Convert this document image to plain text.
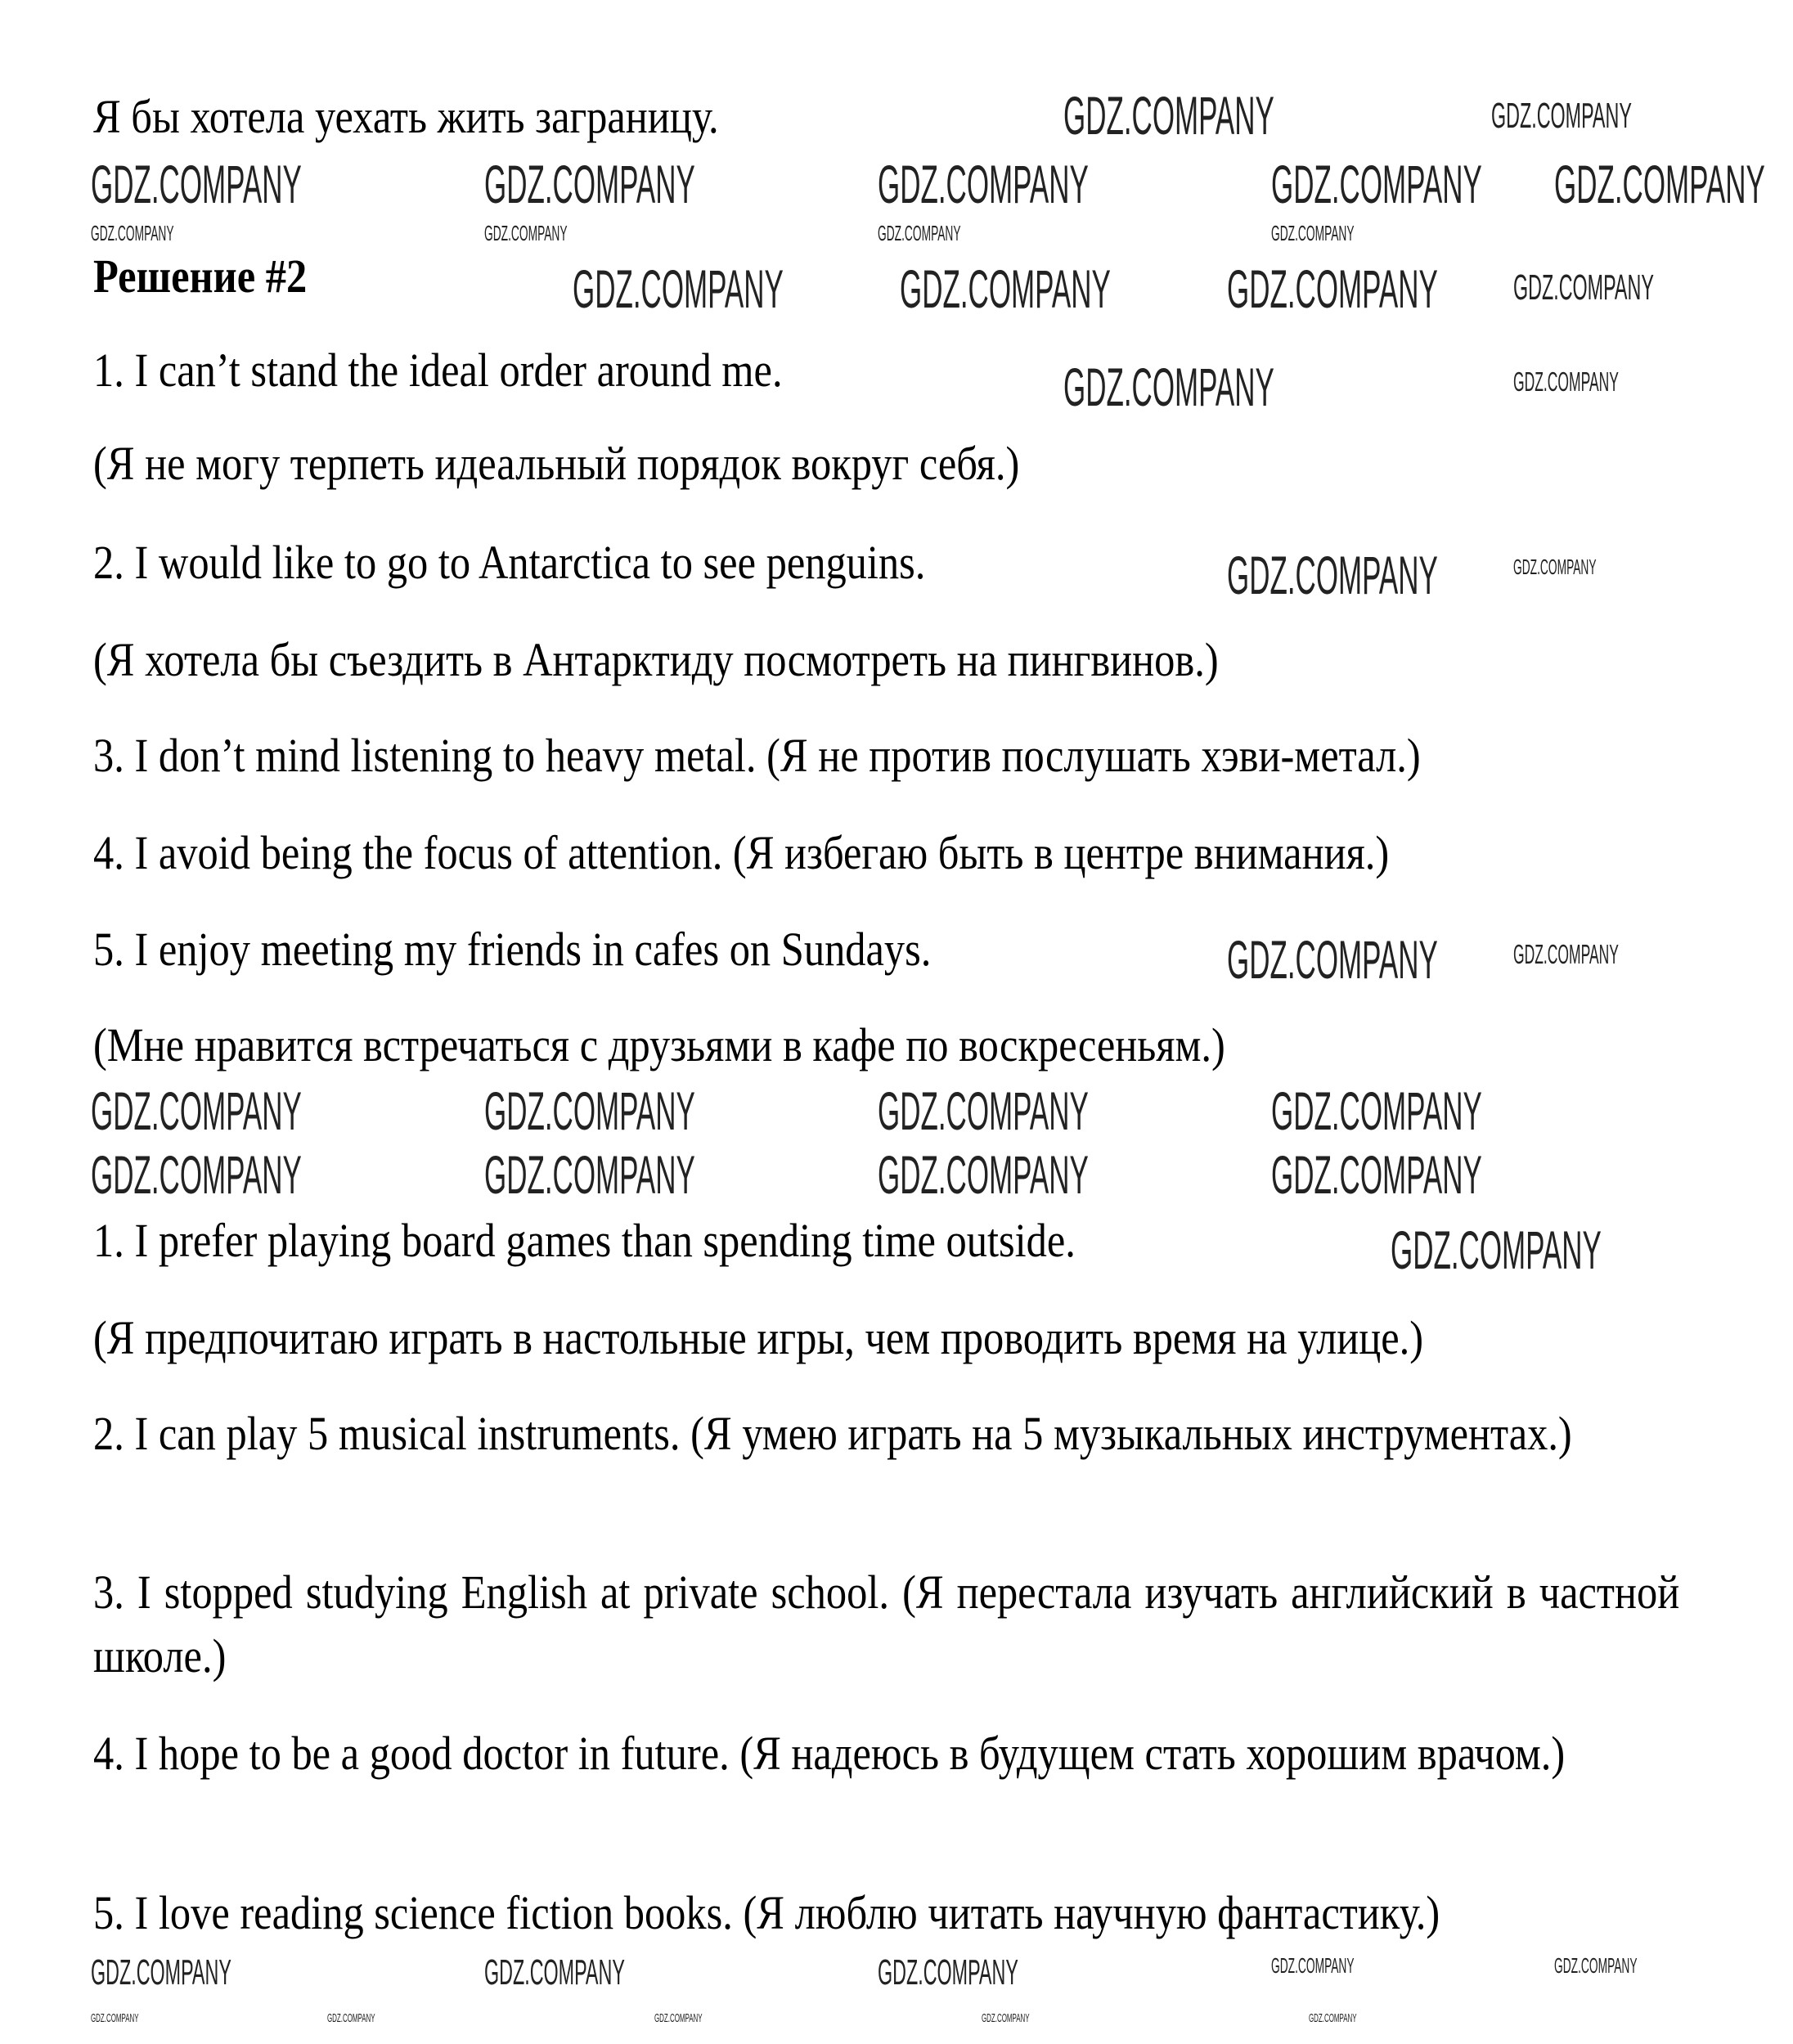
Я бы хотела уехать жить заграницу.
Решение #2
1. I can’t stand the ideal order around me.
(Я не могу терпеть идеальный порядок вокруг себя.)
2. I would like to go to Antarctica to see penguins.
(Я хотела бы съездить в Антарктиду посмотреть на пингвинов.)
3. I don’t mind listening to heavy metal. (Я не против послушать хэви-метал.)
4. I avoid being the focus of attention. (Я избегаю быть в центре внимания.)
5. I enjoy meeting my friends in cafes on Sundays.
(Мне нравится встречаться с друзьями в кафе по воскресеньям.)
1. I prefer playing board games than spending time outside.
(Я предпочитаю играть в настольные игры, чем проводить время на улице.)
2. I can play 5 musical instruments. (Я умею играть на 5 музыкальных инструментах.)
3. I stopped studying English at private school. (Я перестала изучать английский в частной школе.)
4. I hope to be a good doctor in future. (Я надеюсь в будущем стать хорошим врачом.)
5. I love reading science fiction books. (Я люблю читать научную фантастику.)
GDZ.COMPANY
GDZ.COMPANY	GDZ.COMPANY	GDZ.COMPANY	GDZ.COMPANY GDZ.COMPANY
GDZ.COMPANY GDZ.COMPANY GDZ.COMPANY
GDZ.COMPANY
GDZ.COMPANY
GDZ.COMPANY
GDZ.COMPANY	GDZ.COMPANY	GDZ.COMPANY	GDZ.COMPANY
GDZ.COMPANY	GDZ.COMPANY	GDZ.COMPANY	GDZ.COMPANY
GDZ.COMPANY
GDZ.COMPANY
GDZ.COMPANY
GDZ.COMPANY	GDZ.COMPANY	GDZ.COMPANY
GDZ.COMPANY
GDZ.COMPANY
GDZ.COMPANY	GDZ.COMPANY	GDZ.COMPANY	GDZ.COMPANY
GDZ.COMPANY
GDZ.COMPANY	GDZ.COMPANY
GDZ.COMPANY	GDZ.COMPANY	GDZ.COMPANY	GDZ.COMPANY	GDZ.COMPANY
